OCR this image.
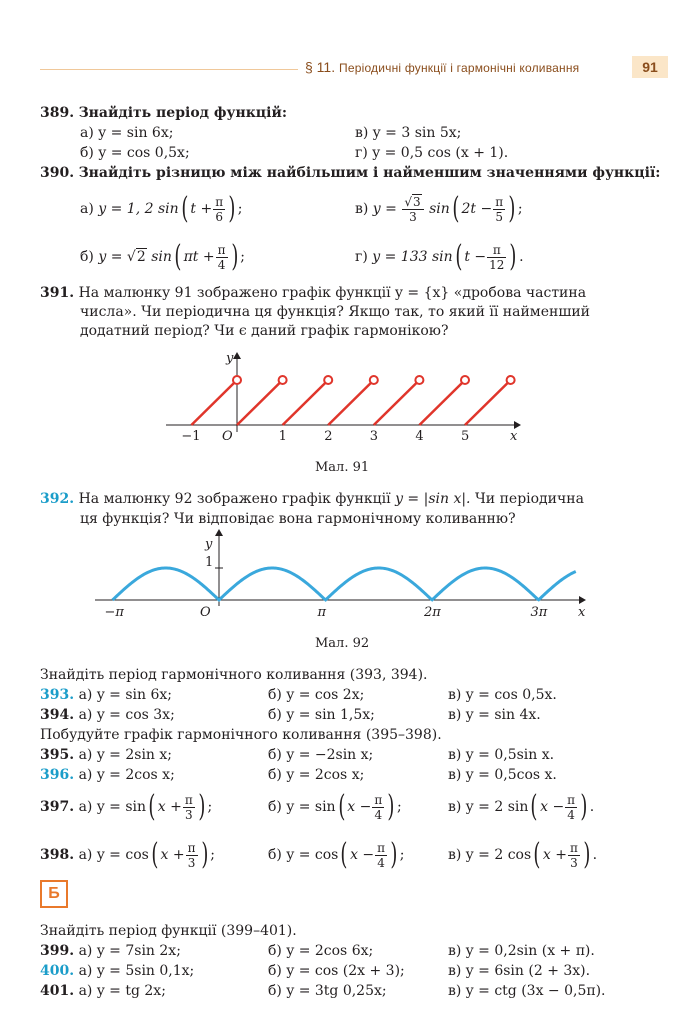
§ 11. Періодичні функції і гармонічні коливання	91
389. Знайдіть період функцій:
а) y = sin 6x;	в) y = 3 sin 5x;
б) y = cos 0,5x;	г) y = 0,5 cos (x + 1).
390. Знайдіть різницю між найбільшим і найменшим значеннями функції:
а) y = 1, 2 sin( $t + \frac{\pi}{6}$ ) ;	в) $y = \frac{√3}{3} \sin$( $2t - \frac{\pi}{5}$ ) ;
б) y = √2 sin( $\pi t + \frac{\pi}{4}$ ) ;	г) y = 133 sin( $t - \frac{\pi}{12}$ ) .
391. На малюнку 91 зображено графік функції y = {x} «дробова частина
числа». Чи періодична ця функція? Якщо так, то який її найменший
додатний період? Чи є даний графік гармонікою?
y
x
O
−1	1	2	3	4	5
Мал. 91
392. На малюнку 92 зображено графік функції y = |sin x|. Чи періодична
ця функція? Чи відповідає вона гармонічному коливанню?
y
1
x
O
−π	π	2π	3π
Мал. 92
Знайдіть період гармонічного коливання (393, 394).
393. а) y = sin 6x;	б) y = cos 2x;	в) y = cos 0,5x.
394. а) y = cos 3x;	б) y = sin 1,5x;	в) y = sin 4x.
Побудуйте графік гармонічного коливання (395–398).
395. а) y = 2sin x;	б) y = −2sin x;	в) y = 0,5sin x.
396. а) y = 2cos x;	б) y = 2cos x;	в) y = 0,5cos x.
397. а) y = sin( $x + \frac{\pi}{3}$ ) ;	б) y = sin( $x - \frac{\pi}{4}$ ) ;	в) y = 2 sin( $x - \frac{\pi}{4}$ ) .
398. а) y = cos( $x + \frac{\pi}{3}$ ) ;	б) y = cos( $x - \frac{\pi}{4}$ ) ;	в) y = 2 cos( $x + \frac{\pi}{3}$ ) .
Б
Знайдіть період функції (399–401).
399. а) y = 7sin 2x;	б) y = 2cos 6x;	в) y = 0,2sin (x + π).
400. а) y = 5sin 0,1x;	б) y = cos (2x + 3);	в) y = 6sin (2 + 3x).
401. а) y = tg 2x;	б) y = 3tg 0,25x;	в) y = ctg (3x − 0,5π).
